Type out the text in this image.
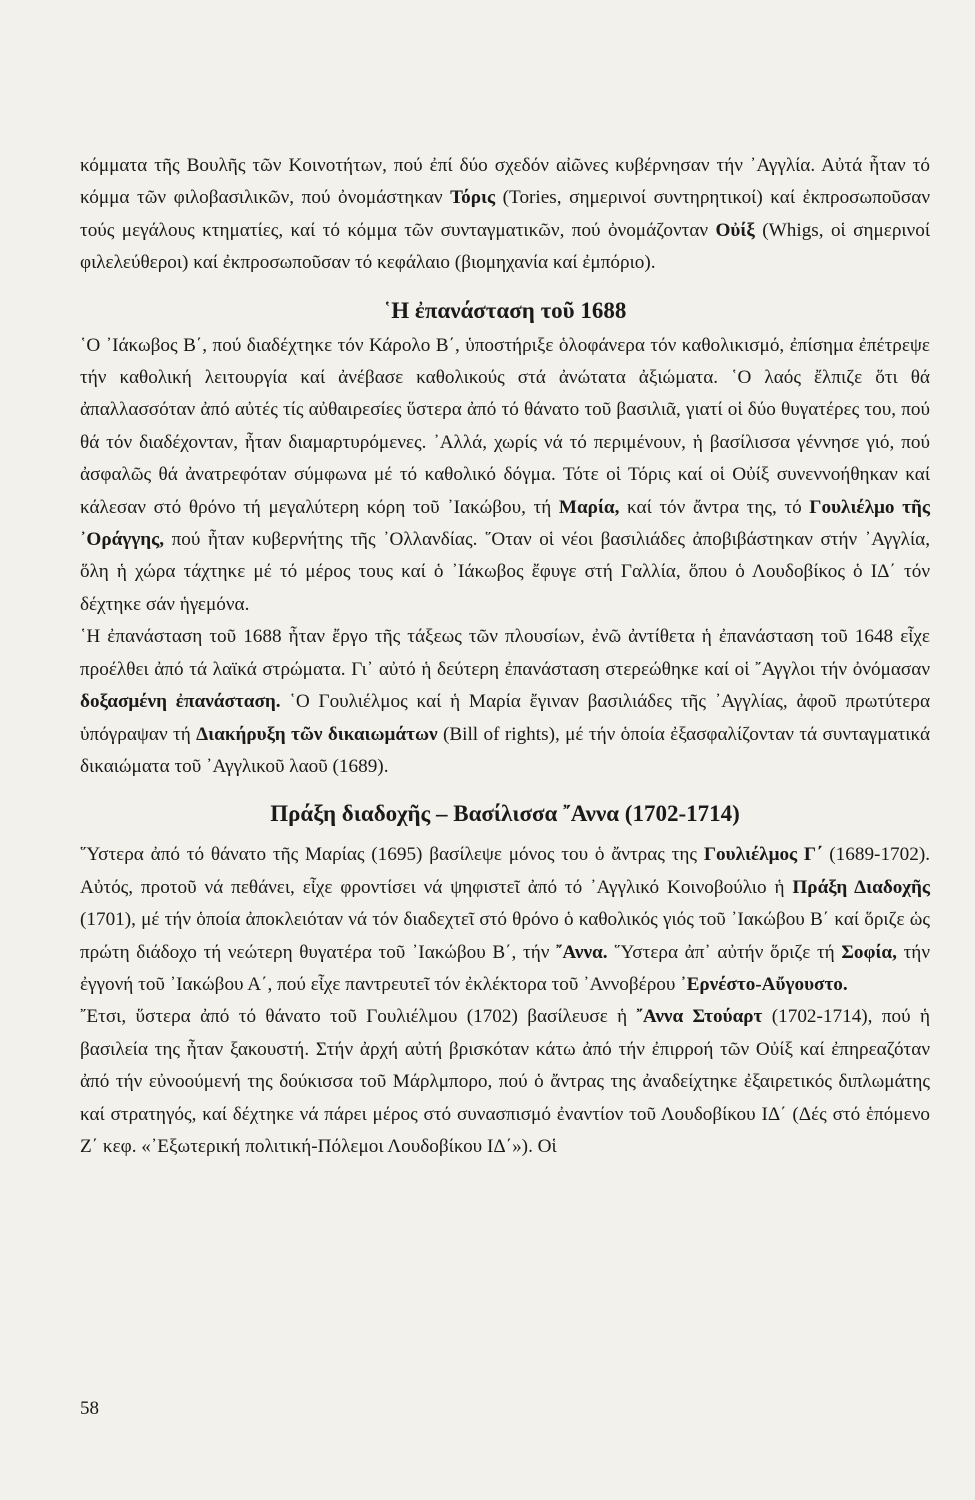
κόμματα τῆς Βουλῆς τῶν Κοινοτήτων, πού ἐπί δύο σχεδόν αἰῶνες κυβέρνησαν τήν ᾿Αγγλία. Αὐτά ἦταν τό κόμμα τῶν φιλοβασιλικῶν, πού ὀνομάστηκαν Τόρις (Tories, σημερινοί συντηρητικοί) καί ἐκπροσωποῦσαν τούς μεγάλους κτηματίες, καί τό κόμμα τῶν συνταγματικῶν, πού ὀνομάζονταν Οὐίξ (Whigs, οἱ σημερινοί φιλελεύθεροι) καί ἐκπροσωποῦσαν τό κεφάλαιο (βιομηχανία καί ἐμπόριο).

῾Η ἐπανάσταση τοῦ 1688

῾Ο ᾿Ιάκωβος Β΄, πού διαδέχτηκε τόν Κάρολο Β΄, ὑποστήριξε ὁλοφάνερα τόν καθολικισμό, ἐπίσημα ἐπέτρεψε τήν καθολική λειτουργία καί ἀνέβασε καθολικούς στά ἀνώτατα ἀξιώματα. ῾Ο λαός ἔλπιζε ὅτι θά ἀπαλλασσόταν ἀπό αὐτές τίς αὐθαιρεσίες ὕστερα ἀπό τό θάνατο τοῦ βασιλιᾶ, γιατί οἱ δύο θυγατέρες του, πού θά τόν διαδέχονταν, ἦταν διαμαρτυρόμενες. ᾿Αλλά, χωρίς νά τό περιμένουν, ἡ βασίλισσα γέννησε γιό, πού ἀσφαλῶς θά ἀνατρεφόταν σύμφωνα μέ τό καθολικό δόγμα. Τότε οἱ Τόρις καί οἱ Οὐίξ συνεννοήθηκαν καί κάλεσαν στό θρόνο τή μεγαλύτερη κόρη τοῦ ᾿Ιακώβου, τή Μαρία, καί τόν ἄντρα της, τό Γουλιέλμο τῆς ᾿Οράγγης, πού ἦταν κυβερνήτης τῆς ᾿Ολλανδίας. ῞Οταν οἱ νέοι βασιλιάδες ἀποβιβάστηκαν στήν ᾿Αγγλία, ὅλη ἡ χώρα τάχτηκε μέ τό μέρος τους καί ὁ ᾿Ιάκωβος ἔφυγε στή Γαλλία, ὅπου ὁ Λουδοβίκος ὁ ΙΔ΄ τόν δέχτηκε σάν ἡγεμόνα.

῾Η ἐπανάσταση τοῦ 1688 ἦταν ἔργο τῆς τάξεως τῶν πλουσίων, ἐνῶ ἀντίθετα ἡ ἐπανάσταση τοῦ 1648 εἶχε προέλθει ἀπό τά λαϊκά στρώματα. Γι᾿ αὐτό ἡ δεύτερη ἐπανάσταση στερεώθηκε καί οἱ ῎Αγγλοι τήν ὀνόμασαν δοξασμένη ἐπανάσταση. ῾Ο Γουλιέλμος καί ἡ Μαρία ἔγιναν βασιλιάδες τῆς ᾿Αγγλίας, ἀφοῦ πρωτύτερα ὑπόγραψαν τή Διακήρυξη τῶν δικαιωμάτων (Bill of rights), μέ τήν ὁποία ἐξασφαλίζονταν τά συνταγματικά δικαιώματα τοῦ ᾿Αγγλικοῦ λαοῦ (1689).

Πράξη διαδοχῆς – Βασίλισσα ῎Αννα (1702-1714)

῞Υστερα ἀπό τό θάνατο τῆς Μαρίας (1695) βασίλεψε μόνος του ὁ ἄντρας της Γουλιέλμος Γ΄ (1689-1702). Αὐτός, προτοῦ νά πεθάνει, εἶχε φροντίσει νά ψηφιστεῖ ἀπό τό ᾿Αγγλικό Κοινοβούλιο ἡ Πράξη Διαδοχῆς (1701), μέ τήν ὁποία ἀποκλειόταν νά τόν διαδεχτεῖ στό θρόνο ὁ καθολικός γιός τοῦ ᾿Ιακώβου Β΄ καί ὅριζε ὡς πρώτη διάδοχο τή νεώτερη θυγατέρα τοῦ ᾿Ιακώβου Β΄, τήν ῎Αννα. ῞Υστερα ἀπ᾿ αὐτήν ὅριζε τή Σοφία, τήν ἐγγονή τοῦ ᾿Ιακώβου Α΄, πού εἶχε παντρευτεῖ τόν ἐκλέκτορα τοῦ ᾿Αννοβέρου ᾿Ερνέστο-Αὔγουστο.

῎Ετσι, ὕστερα ἀπό τό θάνατο τοῦ Γουλιέλμου (1702) βασίλευσε ἡ ῎Αννα Στούαρτ (1702-1714), πού ἡ βασιλεία της ἦταν ξακουστή. Στήν ἀρχή αὐτή βρισκόταν κάτω ἀπό τήν ἐπιρροή τῶν Οὐίξ καί ἐπηρεαζόταν ἀπό τήν εὐνοούμενή της δούκισσα τοῦ Μάρλμπορο, πού ὁ ἄντρας της ἀναδείχτηκε ἐξαιρετικός διπλωμάτης καί στρατηγός, καί δέχτηκε νά πάρει μέρος στό συνασπισμό ἐναντίον τοῦ Λουδοβίκου ΙΔ΄ (Δές στό ἑπόμενο Ζ΄ κεφ. «᾿Εξωτερική πολιτική-Πόλεμοι Λουδοβίκου ΙΔ΄»). Οἱ

58
